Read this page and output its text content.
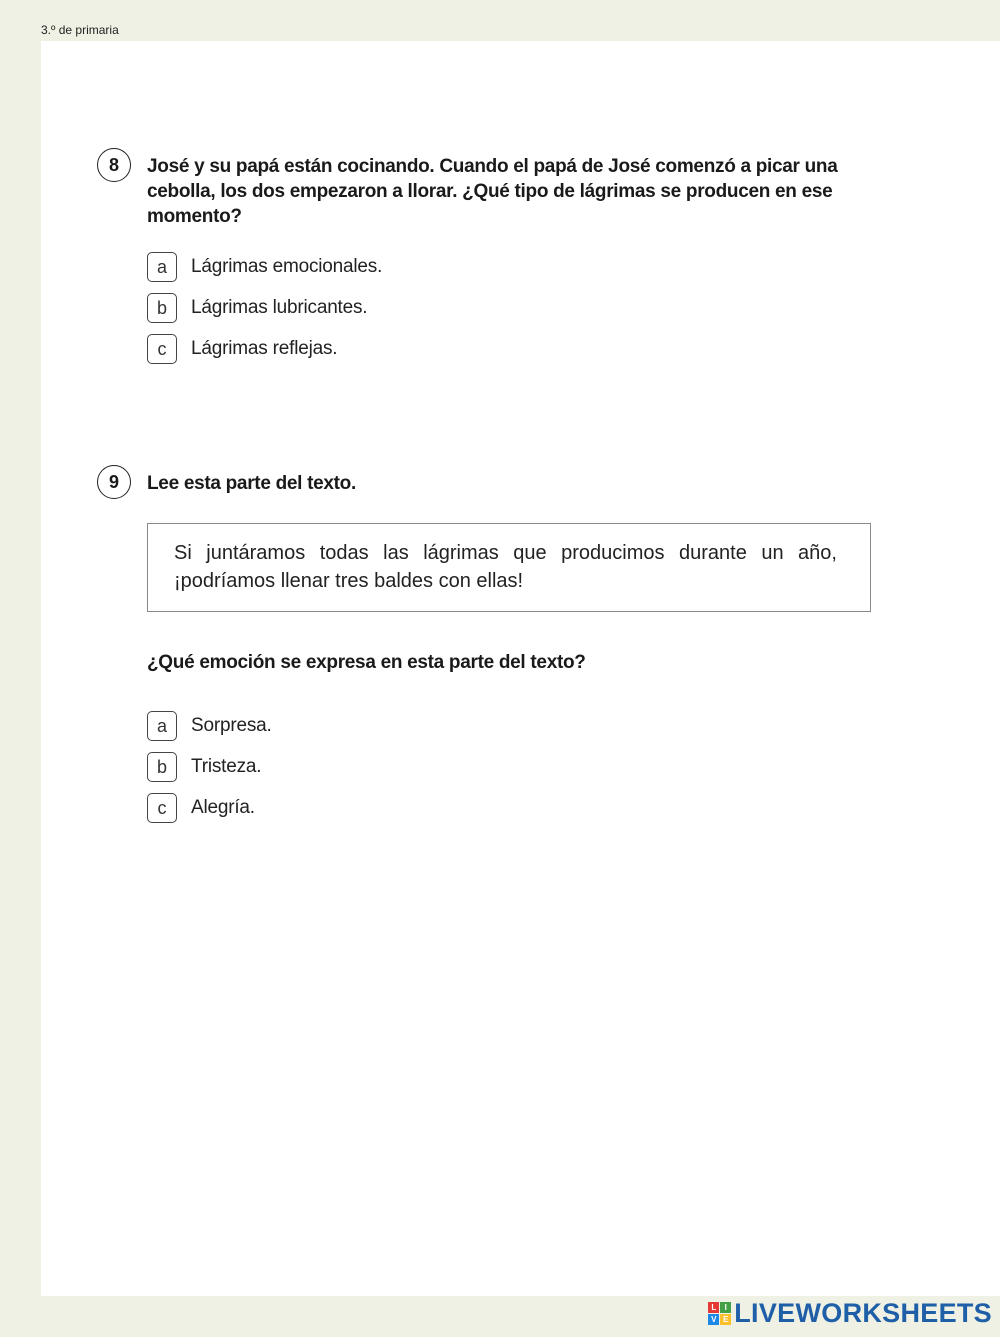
3.º de primaria
8	José y su papá están cocinando. Cuando el papá de José comenzó a picar una cebolla, los dos empezaron a llorar. ¿Qué tipo de lágrimas se producen en ese momento?
a	Lágrimas emocionales.
b	Lágrimas lubricantes.
c	Lágrimas reflejas.
9	Lee esta parte del texto.
Si juntáramos todas las lágrimas que producimos durante un año, ¡podríamos llenar tres baldes con ellas!
¿Qué emoción se expresa en esta parte del texto?
a	Sorpresa.
b	Tristeza.
c	Alegría.
L	I
V E LIVEWORKSHEETS
